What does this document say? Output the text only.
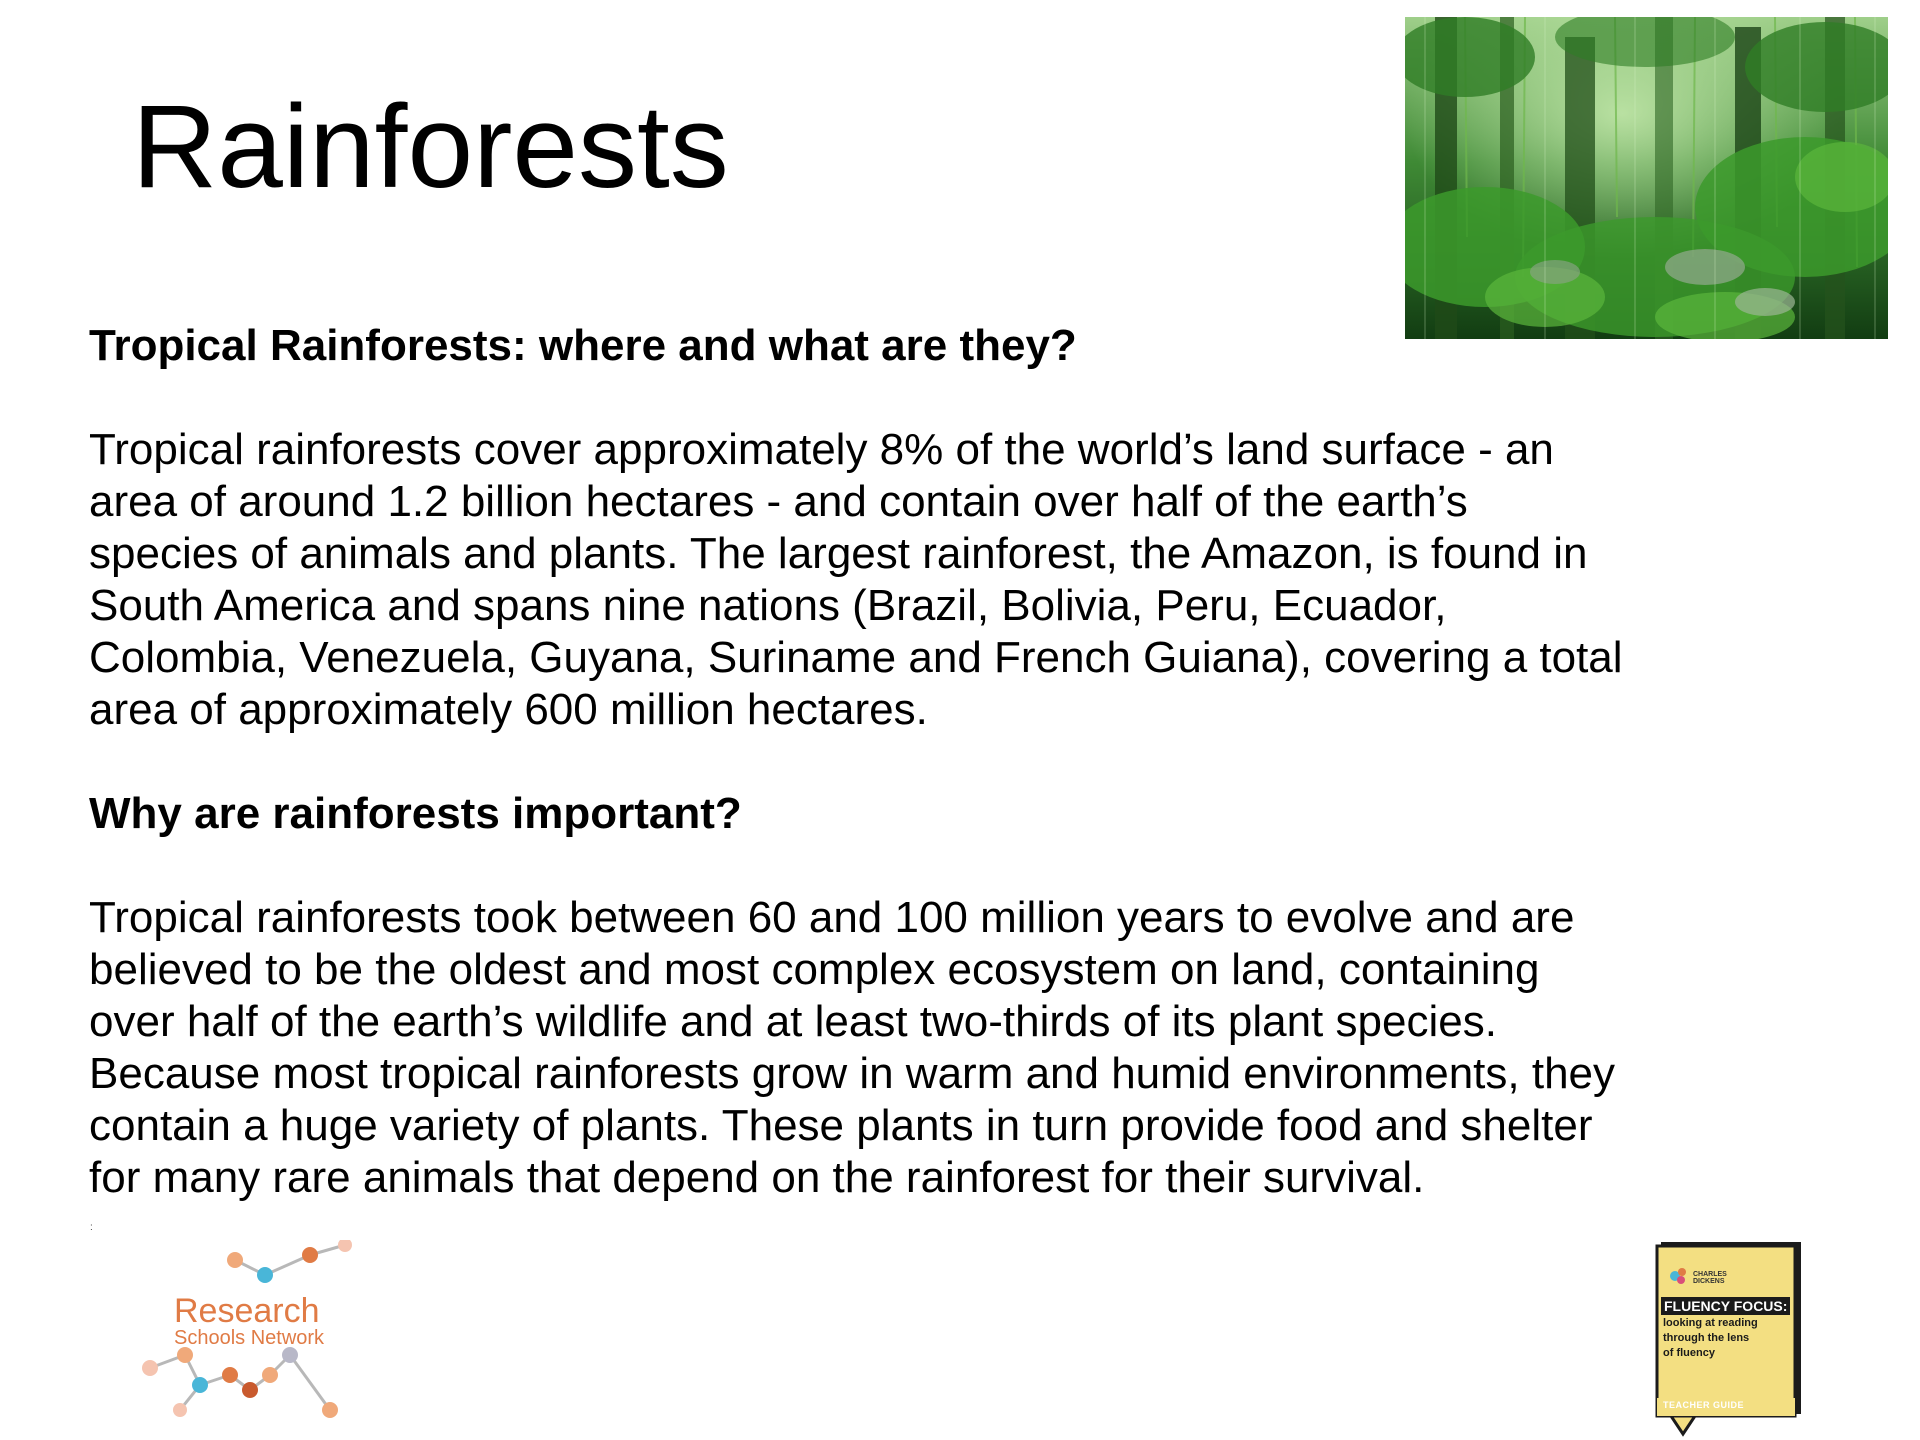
Rainforests

Tropical Rainforests: where and what are they?

Tropical rainforests cover approximately 8% of the world’s land surface - an
area of around 1.2 billion hectares - and contain over half of the earth’s
species of animals and plants. The largest rainforest, the Amazon, is found in
South America and spans nine nations (Brazil, Bolivia, Peru, Ecuador,
Colombia, Venezuela, Guyana, Suriname and French Guiana), covering a total
area of approximately 600 million hectares.

Why are rainforests important?

Tropical rainforests took between 60 and 100 million years to evolve and are
believed to be the oldest and most complex ecosystem on land, containing
over half of the earth’s wildlife and at least two-thirds of its plant species.
Because most tropical rainforests grow in warm and humid environments, they
contain a huge variety of plants. These plants in turn provide food and shelter
for many rare animals that depend on the rainforest for their survival.

:
Research
Schools Network
CHARLES DICKENS
FLUENCY FOCUS:
looking at reading
through the lens
of fluency
TEACHER GUIDE
